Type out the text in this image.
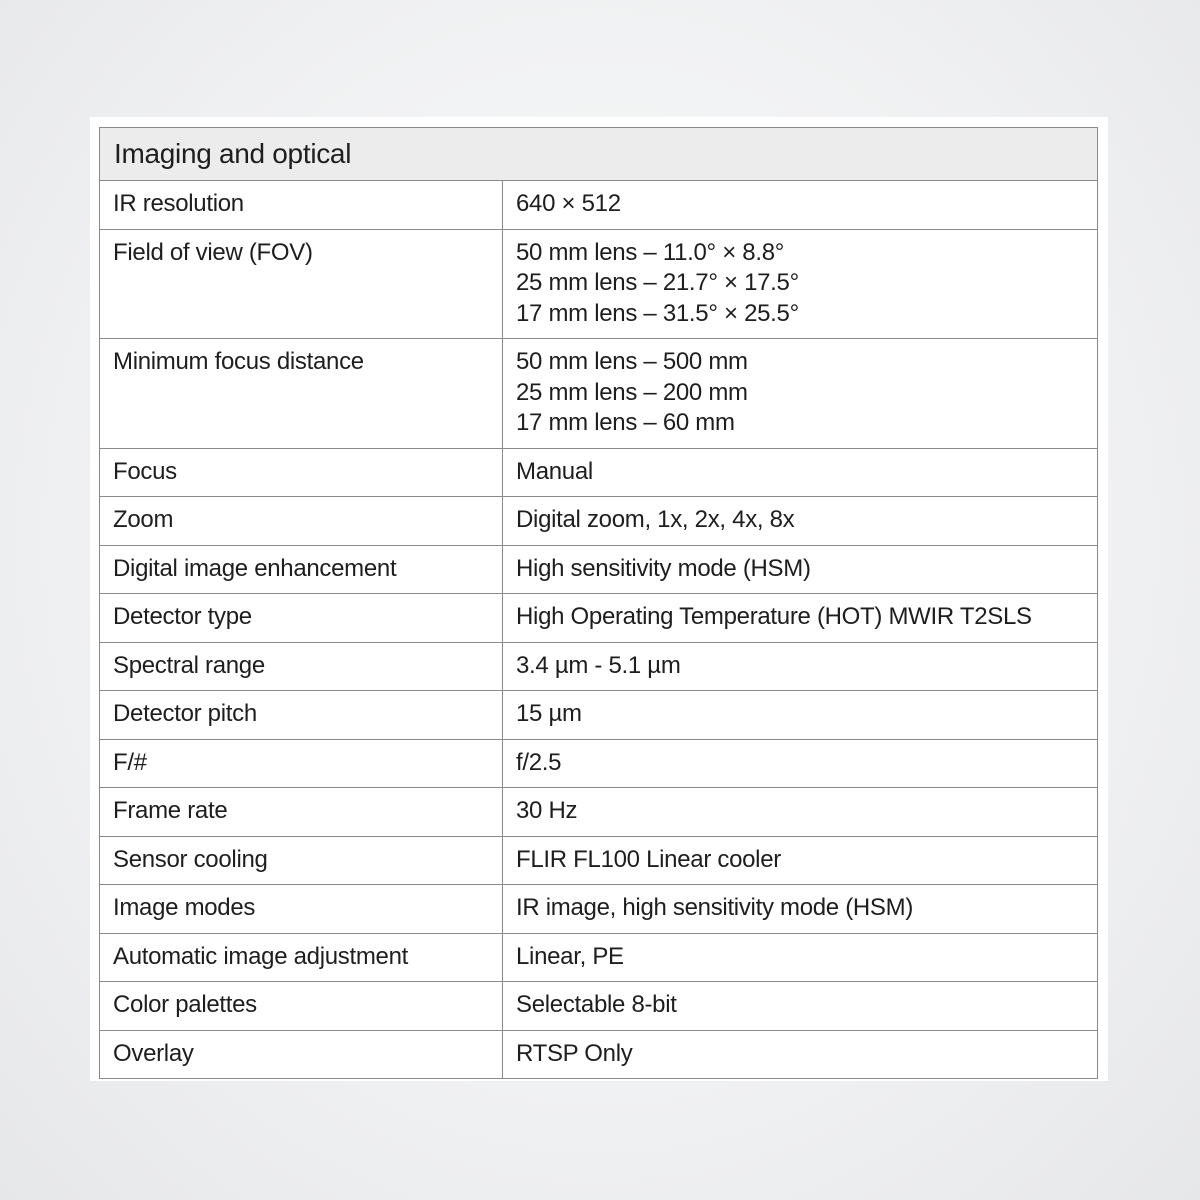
Imaging and optical	
IR resolution	640 × 512

Field of view (FOV)	50 mm lens – 11.0° × 8.8°
25 mm lens – 21.7° × 17.5°
17 mm lens – 31.5° × 25.5°

Minimum focus distance	50 mm lens – 500 mm
25 mm lens – 200 mm
17 mm lens – 60 mm

Focus	Manual

Zoom	Digital zoom, 1x, 2x, 4x, 8x

Digital image enhancement	High sensitivity mode (HSM)

Detector type	High Operating Temperature (HOT) MWIR T2SLS

Spectral range	3.4 µm - 5.1 µm

Detector pitch	15 µm

F/#	f/2.5

Frame rate	30 Hz

Sensor cooling	FLIR FL100 Linear cooler

Image modes	IR image, high sensitivity mode (HSM)

Automatic image adjustment	Linear, PE

Color palettes	Selectable 8-bit

Overlay	RTSP Only
